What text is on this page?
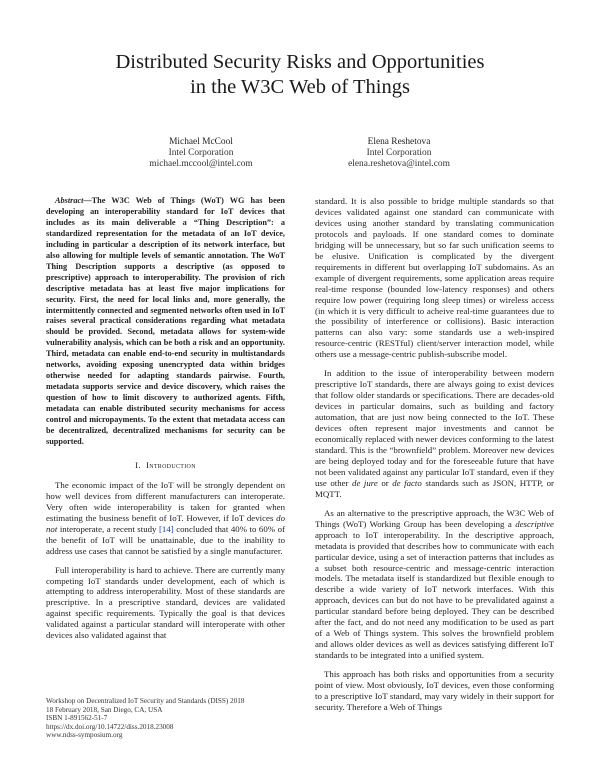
Distributed Security Risks and Opportunities
in the W3C Web of Things
Michael McCool
Intel Corporation
michael.mccool@intel.com
Elena Reshetova
Intel Corporation
elena.reshetova@intel.com

Abstract—The W3C Web of Things (WoT) WG has been developing an interoperability standard for IoT devices that includes as its main deliverable a “Thing Description”: a standardized representation for the metadata of an IoT device, including in particular a description of its network interface, but also allowing for multiple levels of semantic annotation. The WoT Thing Description supports a descriptive (as opposed to prescriptive) approach to interoperability. The provision of rich descriptive metadata has at least five major implications for security. First, the need for local links and, more generally, the intermittently connected and segmented networks often used in IoT raises several practical considerations regarding what metadata should be provided. Second, metadata allows for system-wide vulnerability analysis, which can be both a risk and an opportunity. Third, metadata can enable end-to-end security in multistandards networks, avoiding exposing unencrypted data within bridges otherwise needed for adapting standards pairwise. Fourth, metadata supports service and device discovery, which raises the question of how to limit discovery to authorized agents. Fifth, metadata can enable distributed security mechanisms for access control and micropayments. To the extent that metadata access can be decentralized, decentralized mechanisms for security can be supported.

I. Introduction

The economic impact of the IoT will be strongly dependent on how well devices from different manufacturers can interoperate. Very often wide interoperability is taken for granted when estimating the business benefit of IoT. However, if IoT devices do not interoperate, a recent study [14] concluded that 40% to 60% of the benefit of IoT will be unattainable, due to the inability to address use cases that cannot be satisfied by a single manufacturer.

Full interoperability is hard to achieve. There are currently many competing IoT standards under development, each of which is attempting to address interoperability. Most of these standards are prescriptive. In a prescriptive standard, devices are validated against specific requirements. Typically the goal is that devices validated against a particular standard will interoperate with other devices also validated against that

standard. It is also possible to bridge multiple standards so that devices validated against one standard can communicate with devices using another standard by translating communication protocols and payloads. If one standard comes to dominate bridging will be unnecessary, but so far such unification seems to be elusive. Unification is complicated by the divergent requirements in different but overlapping IoT subdomains. As an example of divergent requirements, some application areas require real-time response (bounded low-latency responses) and others require low power (requiring long sleep times) or wireless access (in which it is very difficult to acheive real-time guarantees due to the possibility of interference or collisions). Basic interaction patterns can also vary: some standards use a web-inspired resource-centric (RESTful) client/server interaction model, while others use a message-centric publish-subscribe model.

In addition to the issue of interoperability between modern prescriptive IoT standards, there are always going to exist devices that follow older standards or specifications. There are decades-old devices in particular domains, such as building and factory automation, that are just now being connected to the IoT. These devices often represent major investments and cannot be economically replaced with newer devices conforming to the latest standard. This is the “brownfield” problem. Moreover new devices are being deployed today and for the foreseeable future that have not been validated against any particular IoT standard, even if they use other de jure or de facto standards such as JSON, HTTP, or MQTT.

As an alternative to the prescriptive approach, the W3C Web of Things (WoT) Working Group has been developing a descriptive approach to IoT interoperability. In the descriptive approach, metadata is provided that describes how to communicate with each particular device, using a set of interaction patterns that includes as a subset both resource-centric and message-centric interaction models. The metadata itself is standardized but flexible enough to describe a wide variety of IoT network interfaces. With this approach, devices can but do not have to be prevalidated against a particular standard before being deployed. They can be described after the fact, and do not need any modification to be used as part of a Web of Things system. This solves the brownfield problem and allows older devices as well as devices satisfying different IoT standards to be integrated into a unified system.

This approach has both risks and opportunities from a security point of view. Most obviously, IoT devices, even those conforming to a prescriptive IoT standard, may vary widely in their support for security. Therefore a Web of Things

Workshop on Decentralized IoT Security and Standards (DISS) 2018
18 February 2018, San Diego, CA, USA
ISBN 1-891562-51-7
https://dx.doi.org/10.14722/diss.2018.23008
www.ndss-symposium.org
